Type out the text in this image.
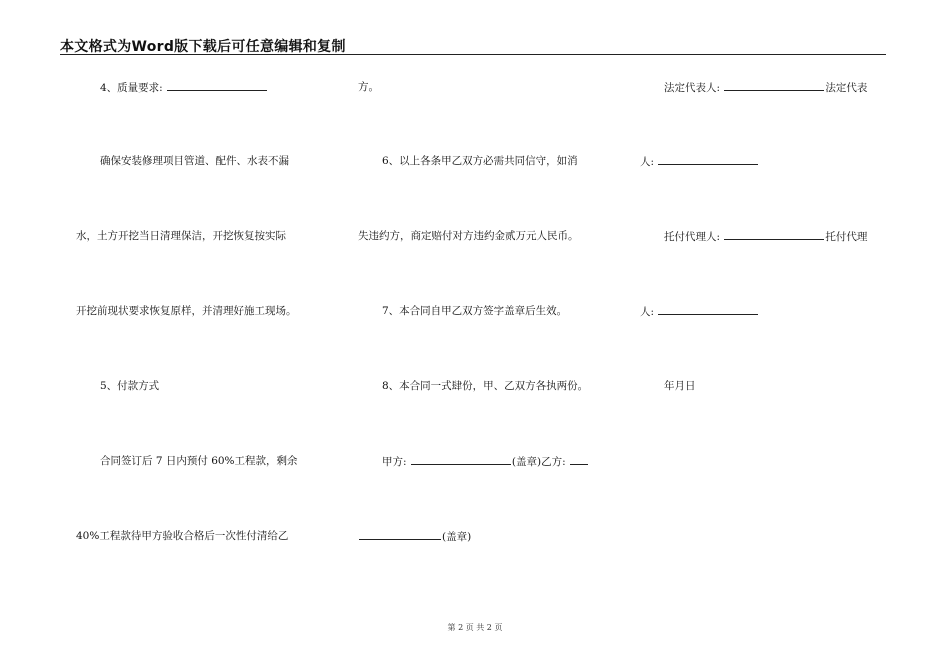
本文格式为Word版下载后可任意编辑和复制
4、质量要求:
确保安装修理项目管道、配件、水表不漏
水，土方开挖当日清理保洁，开挖恢复按实际
开挖前现状要求恢复原样，并清理好施工现场。
5、付款方式
合同签订后 7 日内预付 60%工程款，剩余
40%工程款待甲方验收合格后一次性付清给乙
方。
6、以上各条甲乙双方必需共同信守，如消
失违约方，商定赔付对方违约金贰万元人民币。
7、本合同自甲乙双方签字盖章后生效。
8、本合同一式肆份，甲、乙双方各执两份。
甲方:	(盖章)乙方:
(盖章)
法定代表人:	法定代表
人:
托付代理人:	托付代理
人:
年月日
第 2 页 共 2 页
